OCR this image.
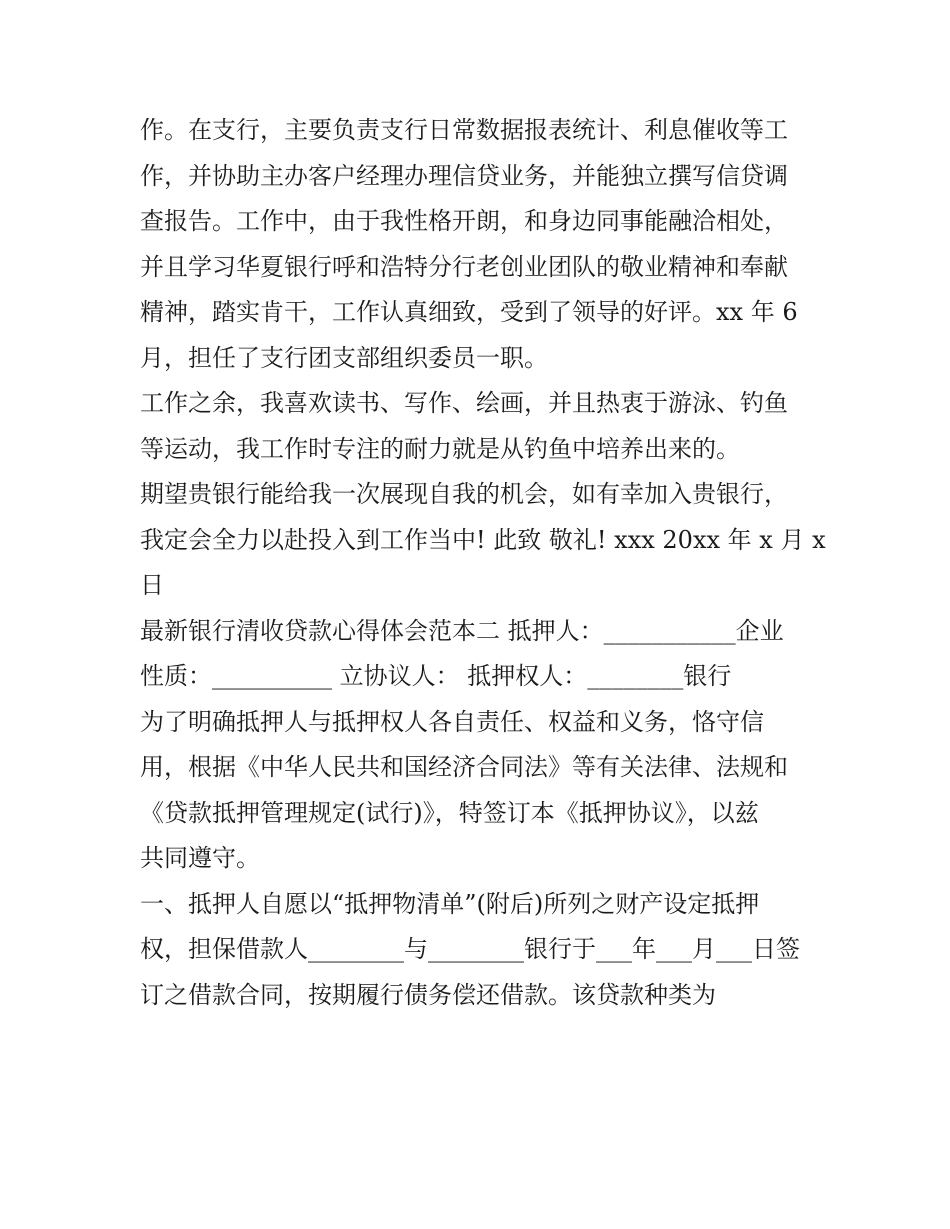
作。在支行，主要负责支行日常数据报表统计、利息催收等工
作，并协助主办客户经理办理信贷业务，并能独立撰写信贷调
查报告。工作中，由于我性格开朗，和身边同事能融洽相处，
并且学习华夏银行呼和浩特分行老创业团队的敬业精神和奉献
精神，踏实肯干，工作认真细致，受到了领导的好评。xx 年 6
月，担任了支行团支部组织委员一职。

工作之余，我喜欢读书、写作、绘画，并且热衷于游泳、钓鱼
等运动，我工作时专注的耐力就是从钓鱼中培养出来的。

期望贵银行能给我一次展现自我的机会，如有幸加入贵银行，
我定会全力以赴投入到工作当中! 此致 敬礼! xxx 20xx 年 x 月 x
日

最新银行清收贷款心得体会范本二 抵押人：___________企业
性质：__________ 立协议人： 抵押权人：________银行

为了明确抵押人与抵押权人各自责任、权益和义务，恪守信
用，根据《中华人民共和国经济合同法》等有关法律、法规和
《贷款抵押管理规定(试行)》，特签订本《抵押协议》，以兹
共同遵守。

一、抵押人自愿以“抵押物清单”(附后)所列之财产设定抵押
权，担保借款人________与________银行于___年___月___日签
订之借款合同，按期履行债务偿还借款。该贷款种类为
